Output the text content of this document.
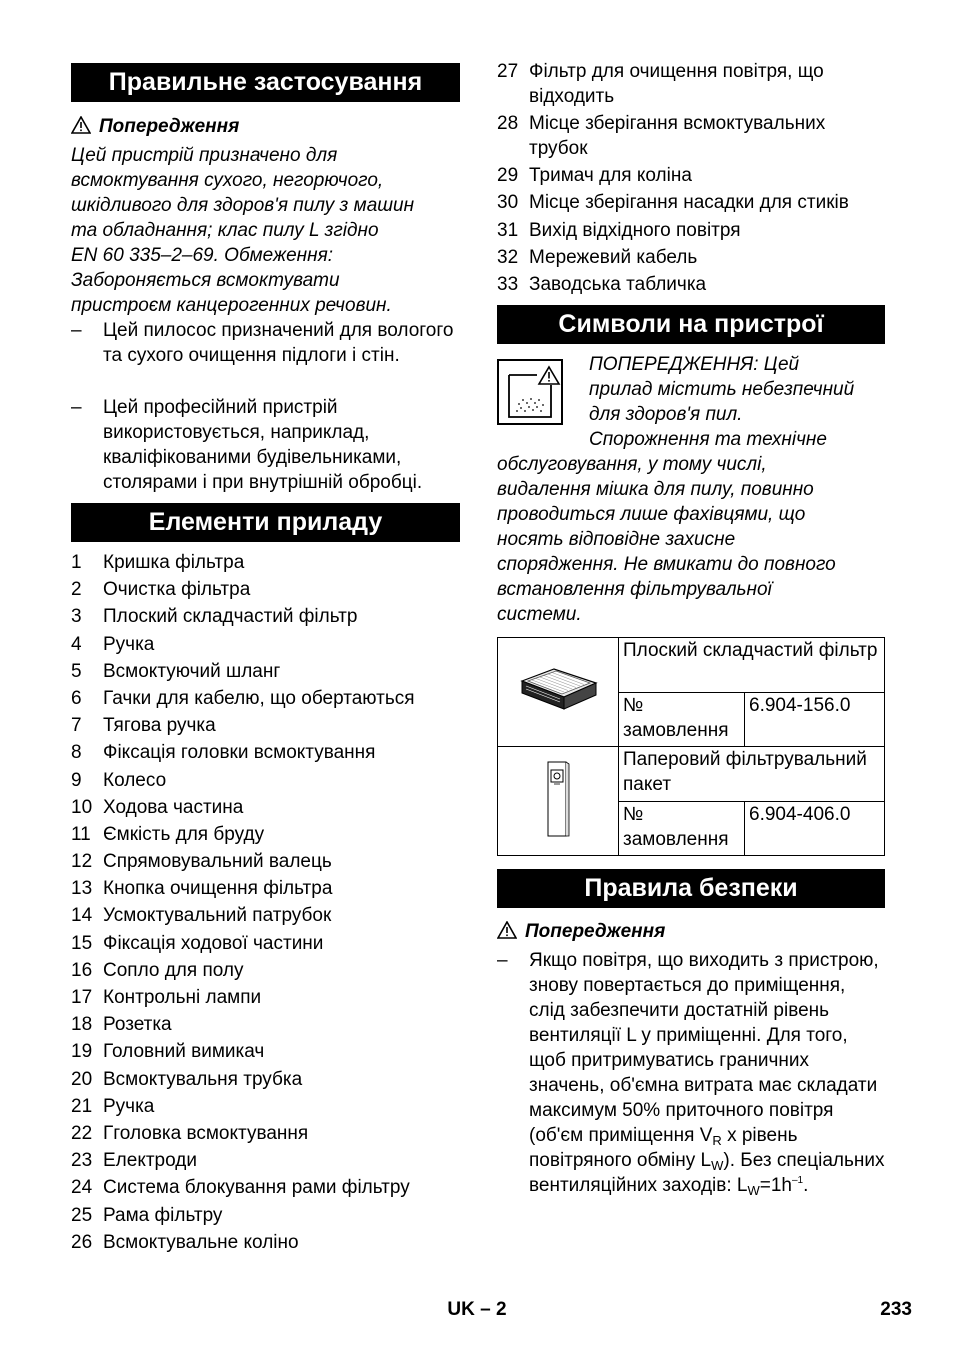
Правильне застосування
Попередження
Цей пристрій призначено для
всмоктування сухого, негорючого,
шкідливого для здоров'я пилу з машин
та обладнання; клас пилу L згідно
EN 60 335–2–69. Обмеження:
Забороняється всмоктувати
пристроєм канцерогенних речовин.
– Цей пилосос призначений для вологого та сухого очищення підлоги і стін.
– Цей професійний пристрій використовується, наприклад, кваліфікованими будівельниками, столярами і при внутрішній обробці.
Елементи приладу
1 Кришка фільтра
2 Очистка фільтра
3 Плоский складчастий фільтр
4 Ручка
5 Всмоктуючий шланг
6 Гачки для кабелю, що обертаються
7 Тягова ручка
8 Фіксація головки всмоктування
9 Колесо
10 Ходова частина
11 Ємкість для бруду
12 Спрямовувальний валець
13 Кнопка очищення фільтра
14 Усмоктувальний патрубок
15 Фіксація ходової частини
16 Сопло для полу
17 Контрольні лампи
18 Розетка
19 Головний вимикач
20 Всмоктувальня трубка
21 Ручка
22 Гголовка всмоктування
23 Електроди
24 Система блокування рами фільтру
25 Рама фільтру
26 Всмоктувальне коліно
27 Фільтр для очищення повітря, що
відходить
28 Місце зберігання всмоктувальних
трубок
29 Тримач для коліна
30 Місце зберігання насадки для стиків
31 Вихід відхідного повітря
32 Мережевий кабель
33 Заводська табличка
Символи на пристрої
ПОПЕРЕДЖЕННЯ: Цей
прилад містить небезпечний
для здоров'я пил.
Спорожнення та технічне
обслуговування, у тому числі,
видалення мішка для пилу, повинно
проводиться лише фахівцями, що
носять відповідне захисне
спорядження. Не вмикати до повного
встановлення фільтрувальної
системи.
	Плоский складчастий фільтр	
	№ замовлення	6.904-156.0
	Паперовий фільтрувальний пакет	
	№ замовлення	6.904-406.0
Правила безпеки
Попередження
– Якщо повітря, що виходить з пристрою, знову повертається до приміщення, слід забезпечити достатній рівень вентиляції L у приміщенні. Для того, щоб притримуватись граничних значень, об'ємна витрата має складати максимум 50% приточного повітря (об'єм приміщення $V_R$ x рівень повітряного обміну $L_W$). Без спеціальних вентиляційних заходів: $L_W=1h^{-1}$.
UK – 2	233
